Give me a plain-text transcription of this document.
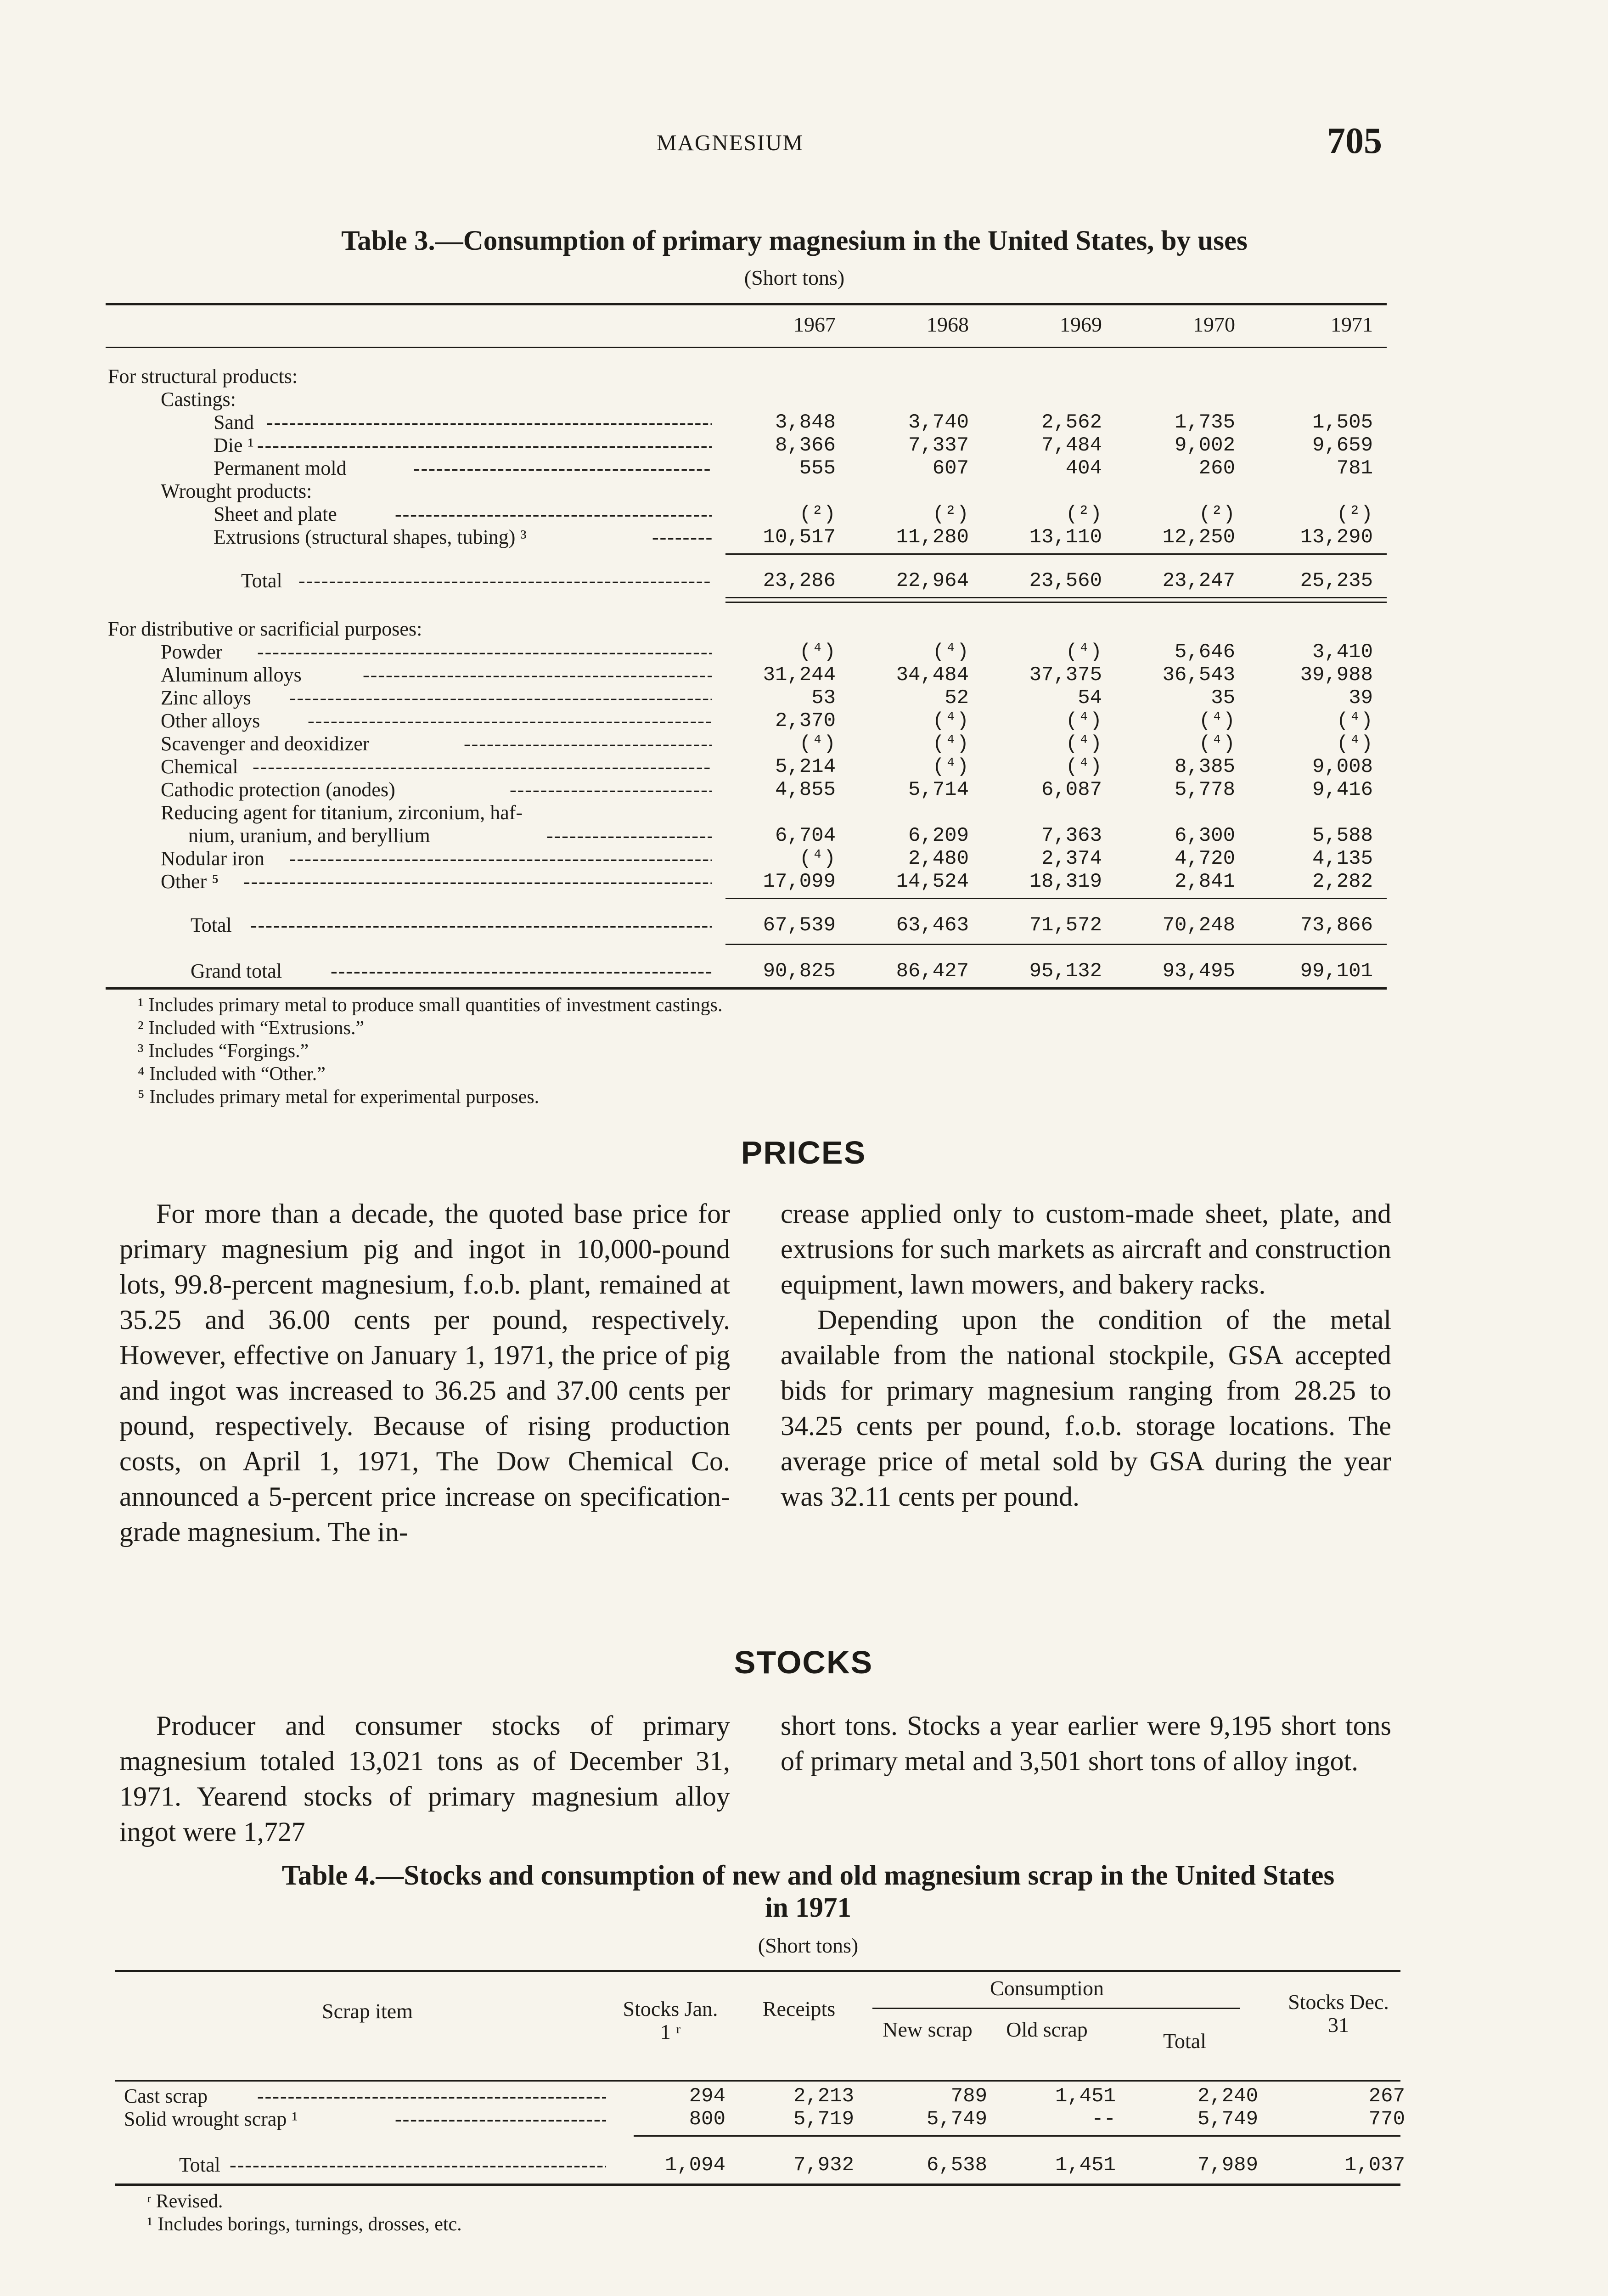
MAGNESIUM	705
Table 3.—Consumption of primary magnesium in the United States, by uses
(Short tons)
1967	1968	1969	1970	1971
For structural products:
Castings:
Sand -----	3,848	3,740	2,562	1,735	1,505
Die ¹ -----	8,366	7,337	7,484	9,002	9,659
Permanent mold -----	555	607	404	260	781
Wrought products:
Sheet and plate -----	(²)	(²)	(²)	(²)	(²)
Extrusions (structural shapes, tubing) ³ -----	10,517	11,280	13,110	12,250	13,290
Total -----	23,286	22,964	23,560	23,247	25,235
For distributive or sacrificial purposes:
Powder -----	(⁴)	(⁴)	(⁴)	5,646	3,410
Aluminum alloys -----	31,244	34,484	37,375	36,543	39,988
Zinc alloys -----	53	52	54	35	39
Other alloys -----	2,370	(⁴)	(⁴)	(⁴)	(⁴)
Scavenger and deoxidizer -----	(⁴)	(⁴)	(⁴)	(⁴)	(⁴)
Chemical -----	5,214	(⁴)	(⁴)	8,385	9,008
Cathodic protection (anodes) -----	4,855	5,714	6,087	5,778	9,416
Reducing agent for titanium, zirconium, haf-
nium, uranium, and beryllium -----	6,704	6,209	7,363	6,300	5,588
Nodular iron -----	(⁴)	2,480	2,374	4,720	4,135
Other ⁵ -----	17,099	14,524	18,319	2,841	2,282
Total -----	67,539	63,463	71,572	70,248	73,866
Grand total -----	90,825	86,427	95,132	93,495	99,101
¹ Includes primary metal to produce small quantities of investment castings.
² Included with “Extrusions.”
³ Includes “Forgings.”
⁴ Included with “Other.”
⁵ Includes primary metal for experimental purposes.
PRICES

For more than a decade, the quoted base price for primary magnesium pig and ingot in 10,000-pound lots, 99.8-percent magnesium, f.o.b. plant, remained at 35.25 and 36.00 cents per pound, respectively. However, effective on January 1, 1971, the price of pig and ingot was increased to 36.25 and 37.00 cents per pound, respectively. Because of rising production costs, on April 1, 1971, The Dow Chemical Co. announced a 5-percent price increase on specification-grade magnesium. The in-

crease applied only to custom-made sheet, plate, and extrusions for such markets as aircraft and construction equipment, lawn mowers, and bakery racks.

Depending upon the condition of the metal available from the national stockpile, GSA accepted bids for primary magnesium ranging from 28.25 to 34.25 cents per pound, f.o.b. storage locations. The average price of metal sold by GSA during the year was 32.11 cents per pound.

STOCKS

Producer and consumer stocks of primary magnesium totaled 13,021 tons as of December 31, 1971. Yearend stocks of primary magnesium alloy ingot were 1,727

short tons. Stocks a year earlier were 9,195 short tons of primary metal and 3,501 short tons of alloy ingot.

Table 4.—Stocks and consumption of new and old magnesium scrap in the United States
in 1971
(Short tons)
Scrap item	Stocks Jan. 1 ʳ
Receipts
Consumption
New scrap	Old scrap	Total
Stocks Dec. 31
Cast scrap -----	294	2,213	789	1,451	2,240	267
Solid wrought scrap ¹ -----	800	5,719	5,749	--	5,749	770
Total -----	1,094	7,932	6,538	1,451	7,989	1,037
ʳ Revised.
¹ Includes borings, turnings, drosses, etc.
